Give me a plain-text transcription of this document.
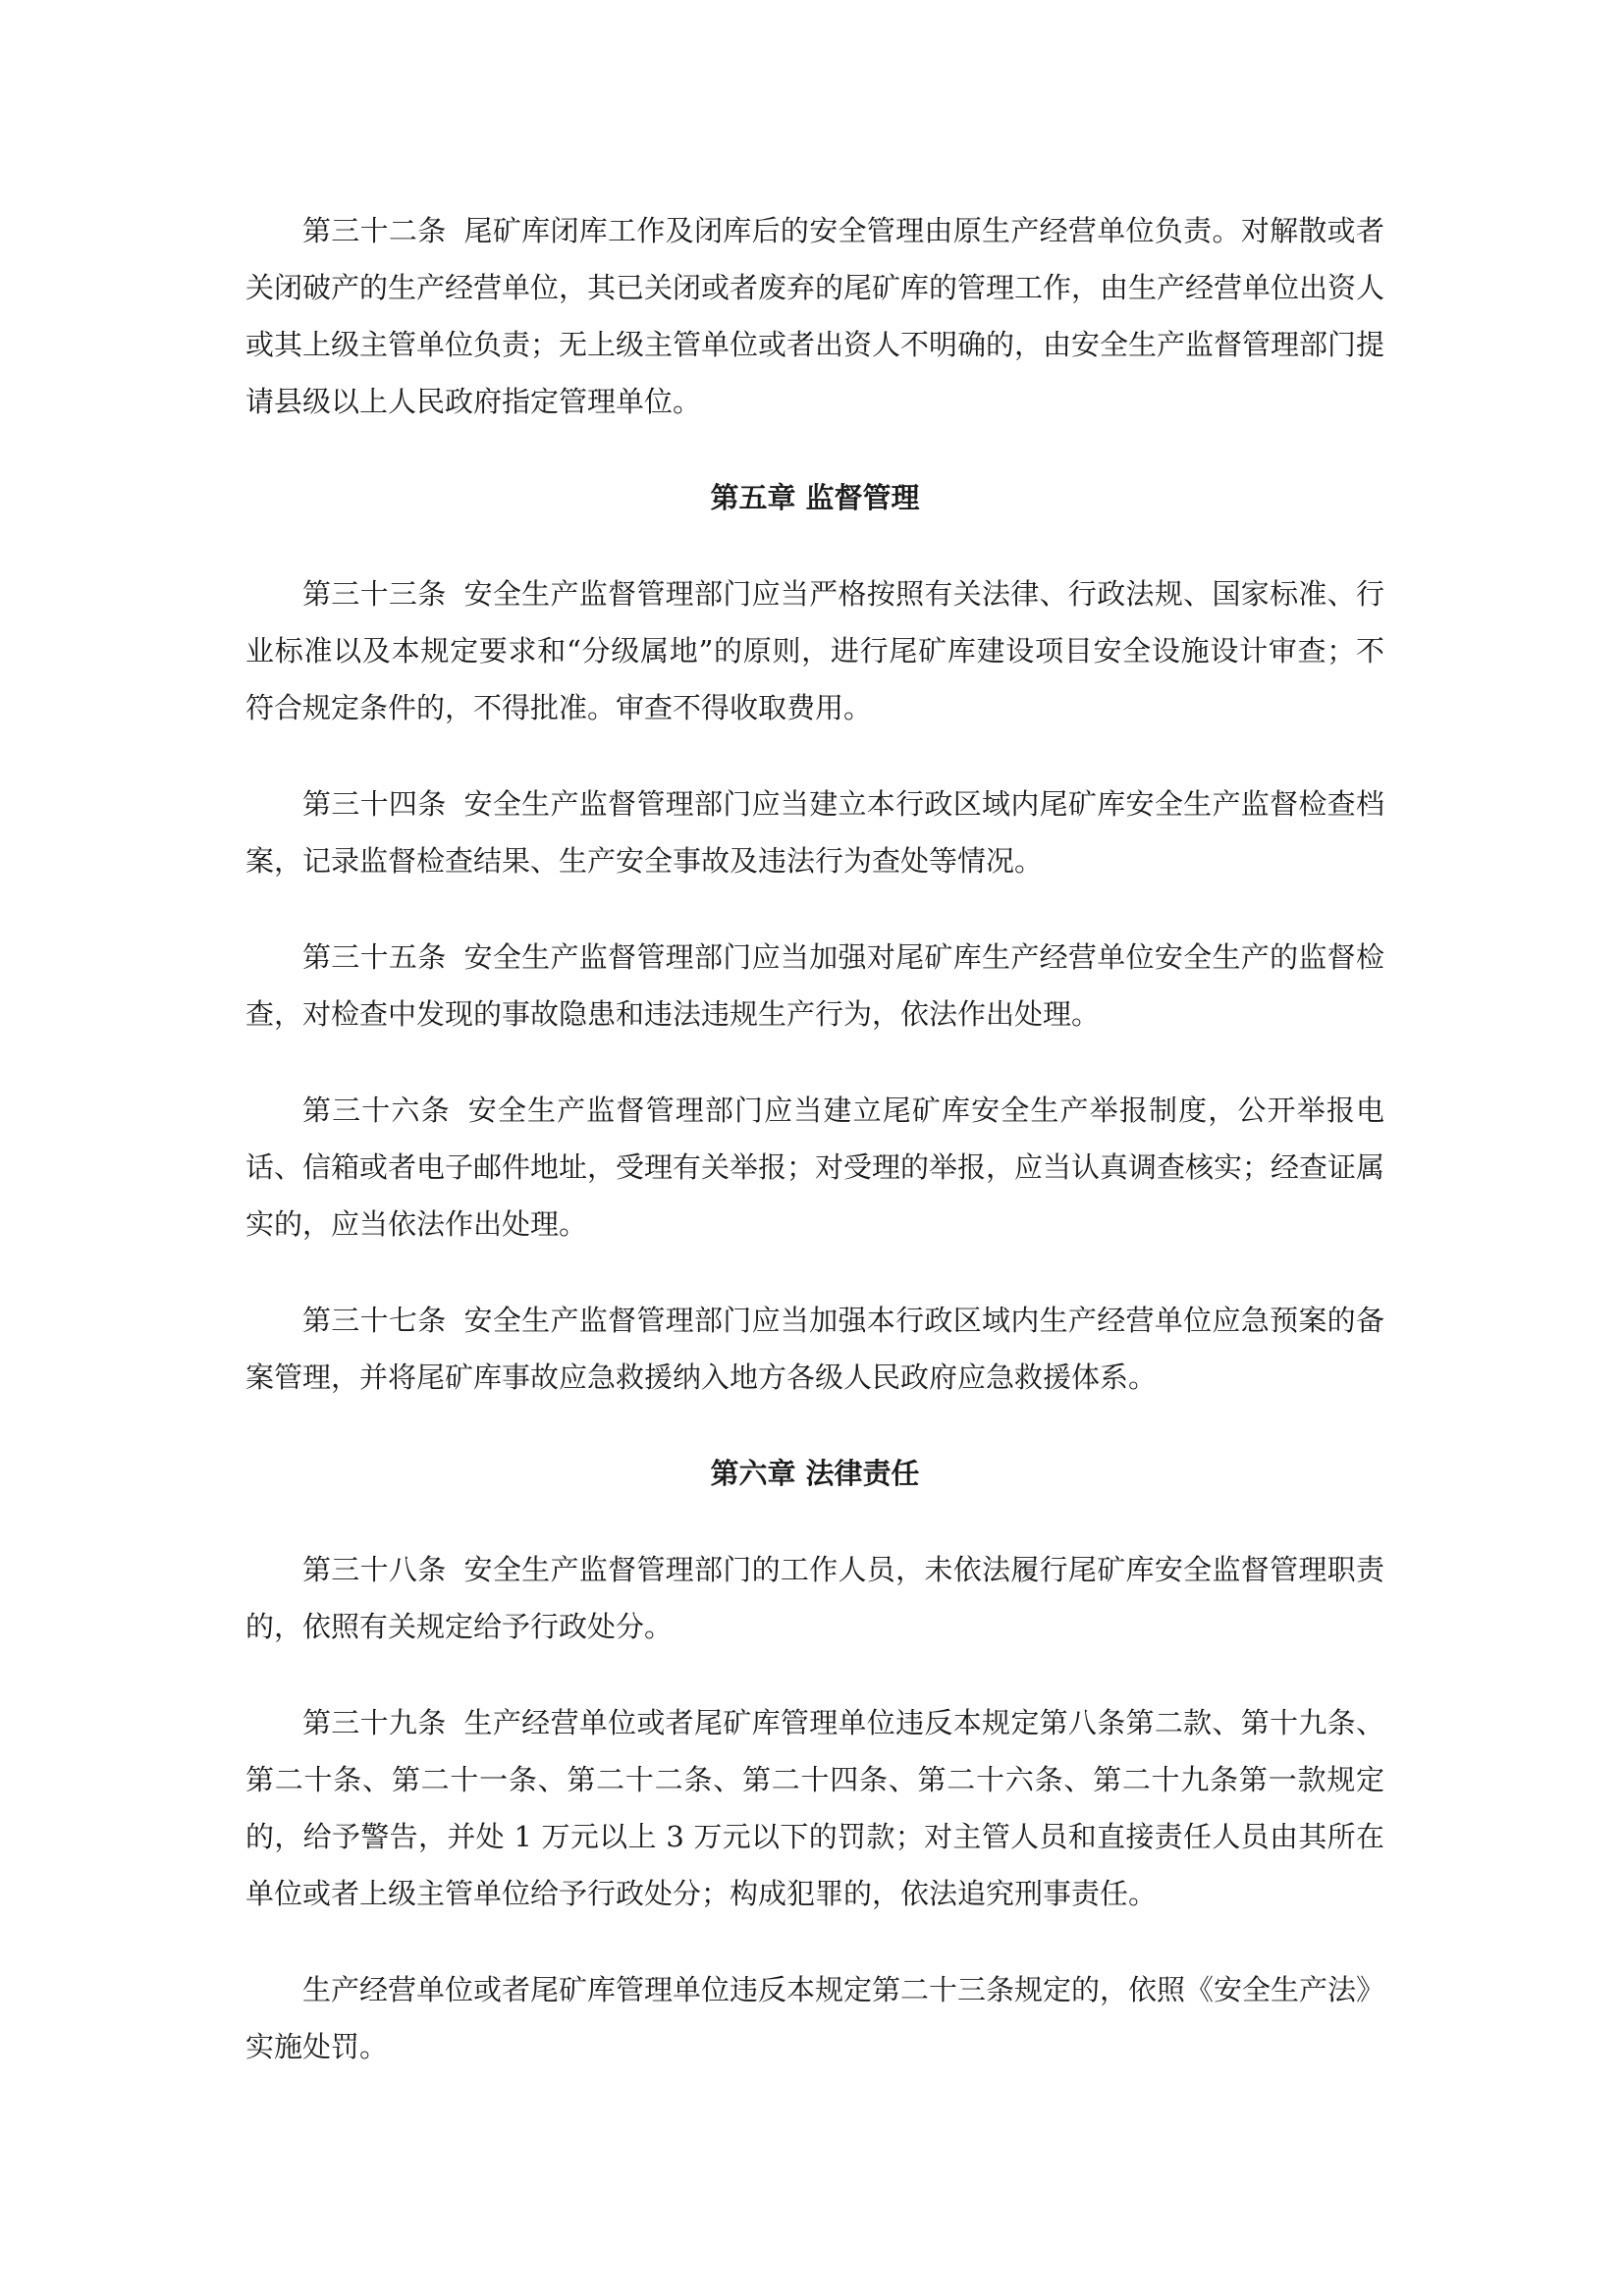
第三十二条 尾矿库闭库工作及闭库后的安全管理由原生产经营单位负责。对解散或者关闭破产的生产经营单位，其已关闭或者废弃的尾矿库的管理工作，由生产经营单位出资人或其上级主管单位负责；无上级主管单位或者出资人不明确的，由安全生产监督管理部门提请县级以上人民政府指定管理单位。

第五章 监督管理

第三十三条 安全生产监督管理部门应当严格按照有关法律、行政法规、国家标准、行业标准以及本规定要求和“分级属地”的原则，进行尾矿库建设项目安全设施设计审查；不符合规定条件的，不得批准。审查不得收取费用。

第三十四条 安全生产监督管理部门应当建立本行政区域内尾矿库安全生产监督检查档案，记录监督检查结果、生产安全事故及违法行为查处等情况。

第三十五条 安全生产监督管理部门应当加强对尾矿库生产经营单位安全生产的监督检查，对检查中发现的事故隐患和违法违规生产行为，依法作出处理。

第三十六条 安全生产监督管理部门应当建立尾矿库安全生产举报制度，公开举报电话、信箱或者电子邮件地址，受理有关举报；对受理的举报，应当认真调查核实；经查证属实的，应当依法作出处理。

第三十七条 安全生产监督管理部门应当加强本行政区域内生产经营单位应急预案的备案管理，并将尾矿库事故应急救援纳入地方各级人民政府应急救援体系。

第六章 法律责任

第三十八条 安全生产监督管理部门的工作人员，未依法履行尾矿库安全监督管理职责的，依照有关规定给予行政处分。

第三十九条 生产经营单位或者尾矿库管理单位违反本规定第八条第二款、第十九条、第二十条、第二十一条、第二十二条、第二十四条、第二十六条、第二十九条第一款规定的，给予警告，并处 1 万元以上 3 万元以下的罚款；对主管人员和直接责任人员由其所在单位或者上级主管单位给予行政处分；构成犯罪的，依法追究刑事责任。

生产经营单位或者尾矿库管理单位违反本规定第二十三条规定的，依照《安全生产法》实施处罚。
